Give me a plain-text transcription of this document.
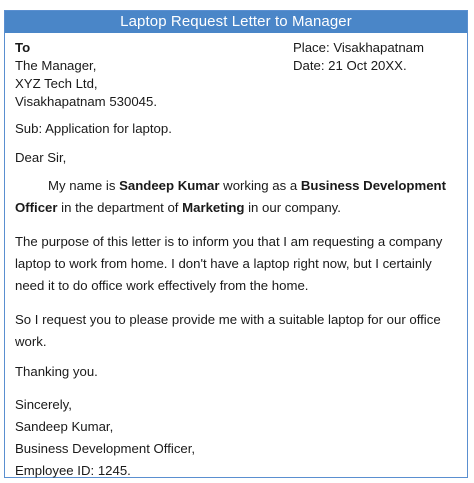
Laptop Request Letter to Manager
To
The Manager,
XYZ Tech Ltd,
Visakhapatnam 530045.
Place: Visakhapatnam
Date: 21 Oct 20XX.
Sub: Application for laptop.
Dear Sir,
My name is Sandeep Kumar working as a Business Development
Officer in the department of Marketing in our company.
The purpose of this letter is to inform you that I am requesting a company
laptop to work from home. I don't have a laptop right now, but I certainly
need it to do office work effectively from the home.
So I request you to please provide me with a suitable laptop for our office
work.
Thanking you.
Sincerely,
Sandeep Kumar,
Business Development Officer,
Employee ID: 1245.
